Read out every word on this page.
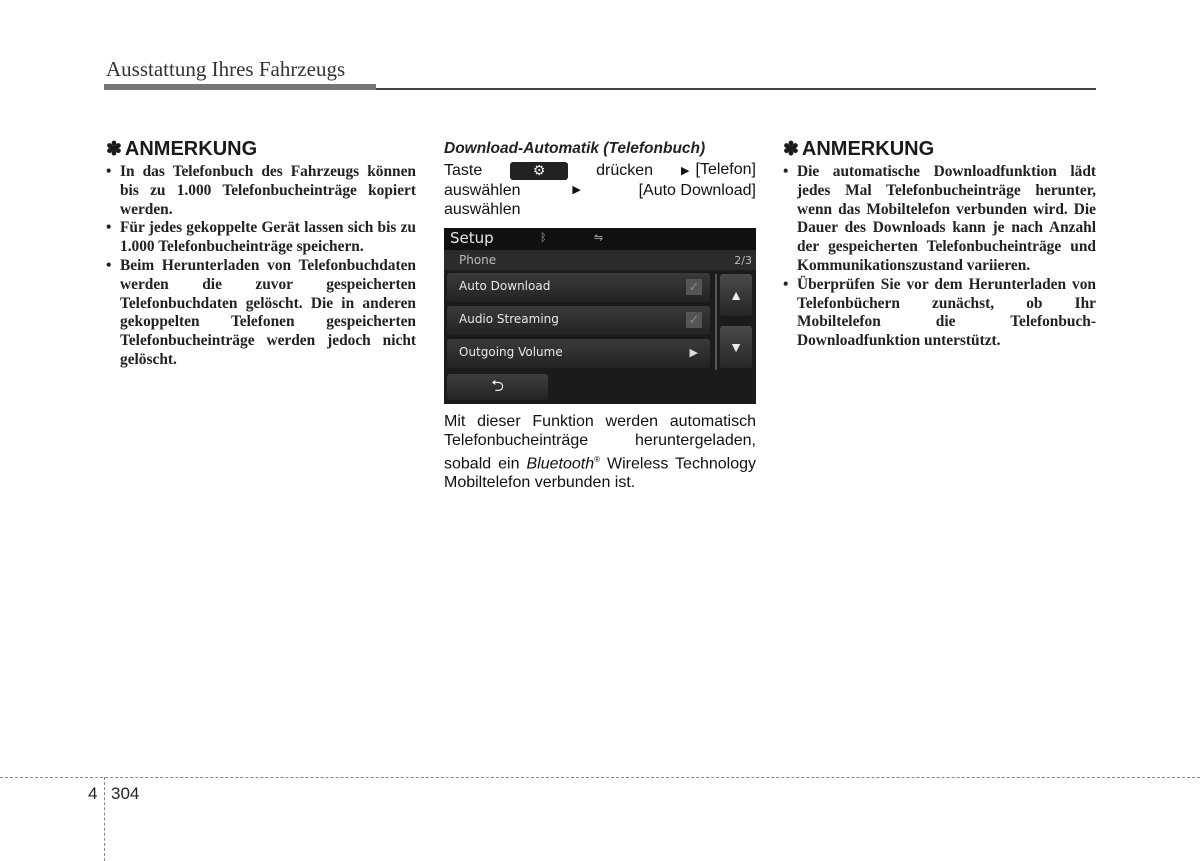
Ausstattung Ihres Fahrzeugs
✽ ANMERKUNG
• In das Telefonbuch des Fahrzeugs können bis zu 1.000 Telefonbucheinträge kopiert werden.
• Für jedes gekoppelte Gerät lassen sich bis zu 1.000 Telefonbucheinträge speichern.
• Beim Herunterladen von Telefonbuchdaten werden die zuvor gespeicherten Telefonbuchdaten gelöscht. Die in anderen gekoppelten Telefonen gespeicherten Telefonbucheinträge werden jedoch nicht gelöscht.
Download-Automatik (Telefonbuch)
Taste	⚙	drücken	▶ [Telefon]
auswählen	▶	[Auto Download]
auswählen
Setup	ᛒ	⇋
Phone	2/3
Auto Download	✓
Audio Streaming	✓
Outgoing Volume	▶
▲
▼
⮌
Mit dieser Funktion werden automatisch Telefonbucheinträge heruntergeladen, sobald ein Bluetooth® Wireless Technology Mobiltelefon verbunden ist.
✽ ANMERKUNG
• Die automatische Downloadfunktion lädt jedes Mal Telefonbucheinträge herunter, wenn das Mobiltelefon verbunden wird. Die Dauer des Downloads kann je nach Anzahl der gespeicherten Telefonbucheinträge und Kommunikationszustand variieren.
• Überprüfen Sie vor dem Herunterladen von Telefonbüchern zunächst, ob Ihr Mobiltelefon die Telefonbuch-Downloadfunktion unterstützt.
4 304
